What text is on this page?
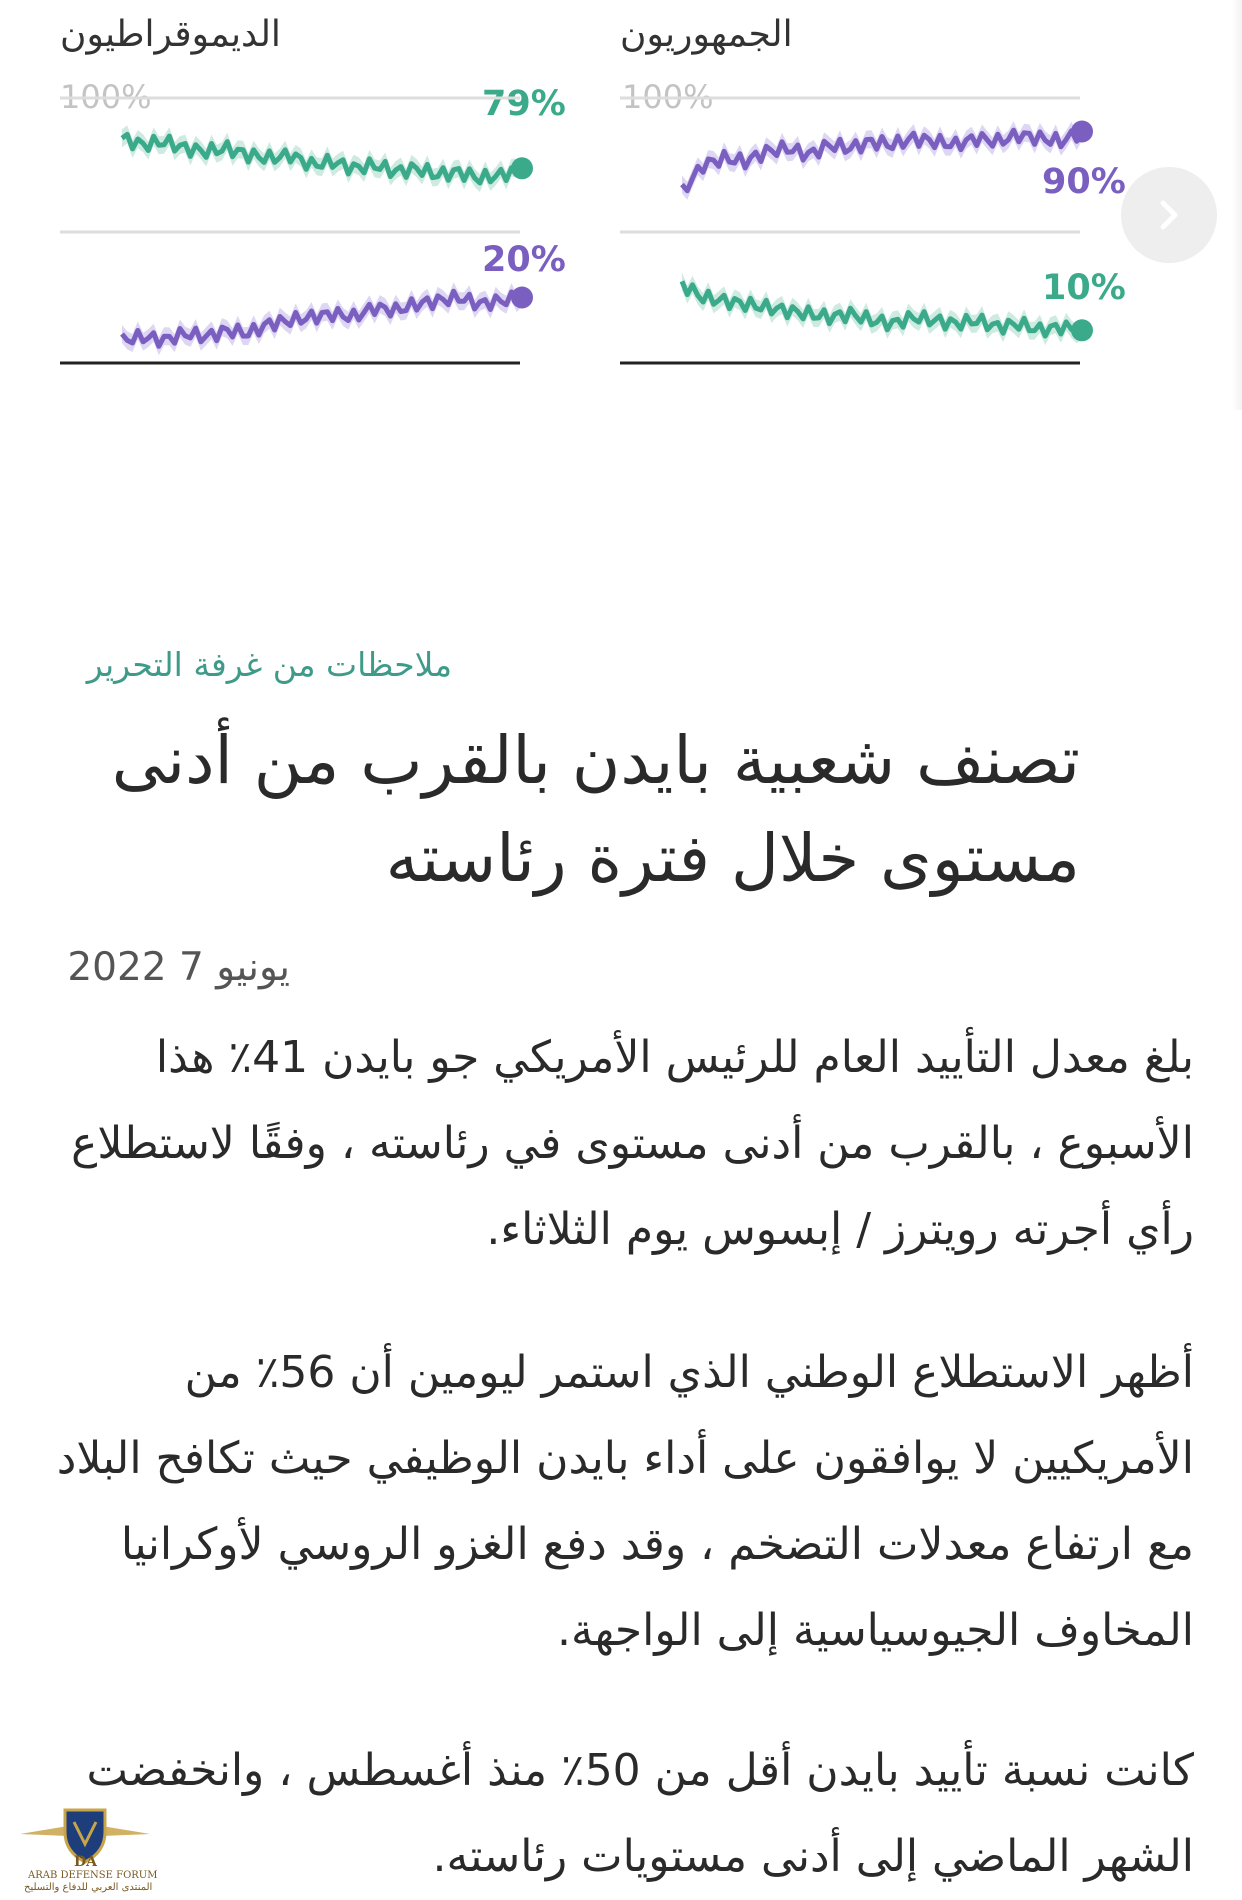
الديموقراطيون	الجمهوريون
100%	100%
79%
20%
90%
10%
ملاحظات من غرفة التحرير
تصنف شعبية بايدن بالقرب من أدنى مستوى خلال فترة رئاسته
يونيو 7 2022

بلغ معدل التأييد العام للرئيس الأمريكي جو بايدن 41٪ هذا الأسبوع ، بالقرب من أدنى مستوى في رئاسته ، وفقًا لاستطلاع رأي أجرته رويترز / إبسوس يوم الثلاثاء.

أظهر الاستطلاع الوطني الذي استمر ليومين أن 56٪ من الأمريكيين لا يوافقون على أداء بايدن الوظيفي حيث تكافح البلاد مع ارتفاع معدلات التضخم ، وقد دفع الغزو الروسي لأوكرانيا المخاوف الجيوسياسية إلى الواجهة.

كانت نسبة تأييد بايدن أقل من 50٪ منذ أغسطس ، وانخفضت الشهر الماضي إلى أدنى مستويات رئاسته.

DA
ARAB DEFENSE FORUM
المنتدى العربي للدفاع والتسليح
